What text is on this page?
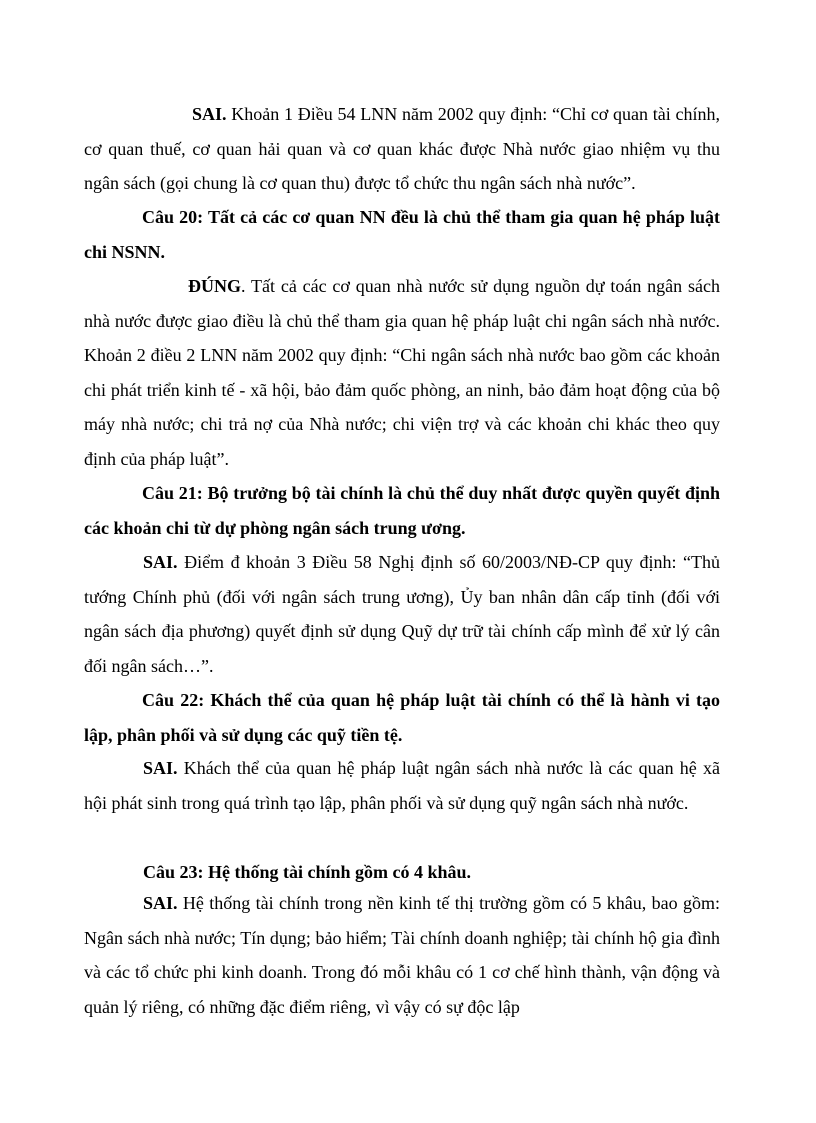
SAI. Khoản 1 Điều 54 LNN năm 2002 quy định: “Chỉ cơ quan tài chính, cơ quan thuế, cơ quan hải quan và cơ quan khác được Nhà nước giao nhiệm vụ thu ngân sách (gọi chung là cơ quan thu) được tổ chức thu ngân sách nhà nước”.

Câu 20: Tất cả các cơ quan NN đều là chủ thể tham gia quan hệ pháp luật chi NSNN.

ĐÚNG. Tất cả các cơ quan nhà nước sử dụng nguồn dự toán ngân sách nhà nước được giao điều là chủ thể tham gia quan hệ pháp luật chi ngân sách nhà nước. Khoản 2 điều 2 LNN năm 2002 quy định: “Chi ngân sách nhà nước bao gồm các khoản chi phát triển kinh tế - xã hội, bảo đảm quốc phòng, an ninh, bảo đảm hoạt động của bộ máy nhà nước; chi trả nợ của Nhà nước; chi viện trợ và các khoản chi khác theo quy định của pháp luật”.

Câu 21: Bộ trưởng bộ tài chính là chủ thể duy nhất được quyền quyết định các khoản chi từ dự phòng ngân sách trung ương.

SAI. Điểm đ khoản 3 Điều 58 Nghị định số 60/2003/NĐ-CP quy định: “Thủ tướng Chính phủ (đối với ngân sách trung ương), Ủy ban nhân dân cấp tỉnh (đối với ngân sách địa phương) quyết định sử dụng Quỹ dự trữ tài chính cấp mình để xử lý cân đối ngân sách…”.

Câu 22: Khách thể của quan hệ pháp luật tài chính có thể là hành vi tạo lập, phân phối và sử dụng các quỹ tiền tệ.

SAI. Khách thể của quan hệ pháp luật ngân sách nhà nước là các quan hệ xã hội phát sinh trong quá trình tạo lập, phân phối và sử dụng quỹ ngân sách nhà nước.

Câu 23: Hệ thống tài chính gồm có 4 khâu.

SAI. Hệ thống tài chính trong nền kinh tế thị trường gồm có 5 khâu, bao gồm: Ngân sách nhà nước; Tín dụng; bảo hiểm; Tài chính doanh nghiệp; tài chính hộ gia đình và các tổ chức phi kinh doanh. Trong đó mỗi khâu có 1 cơ chế hình thành, vận động và quản lý riêng, có những đặc điểm riêng, vì vậy có sự độc lập
